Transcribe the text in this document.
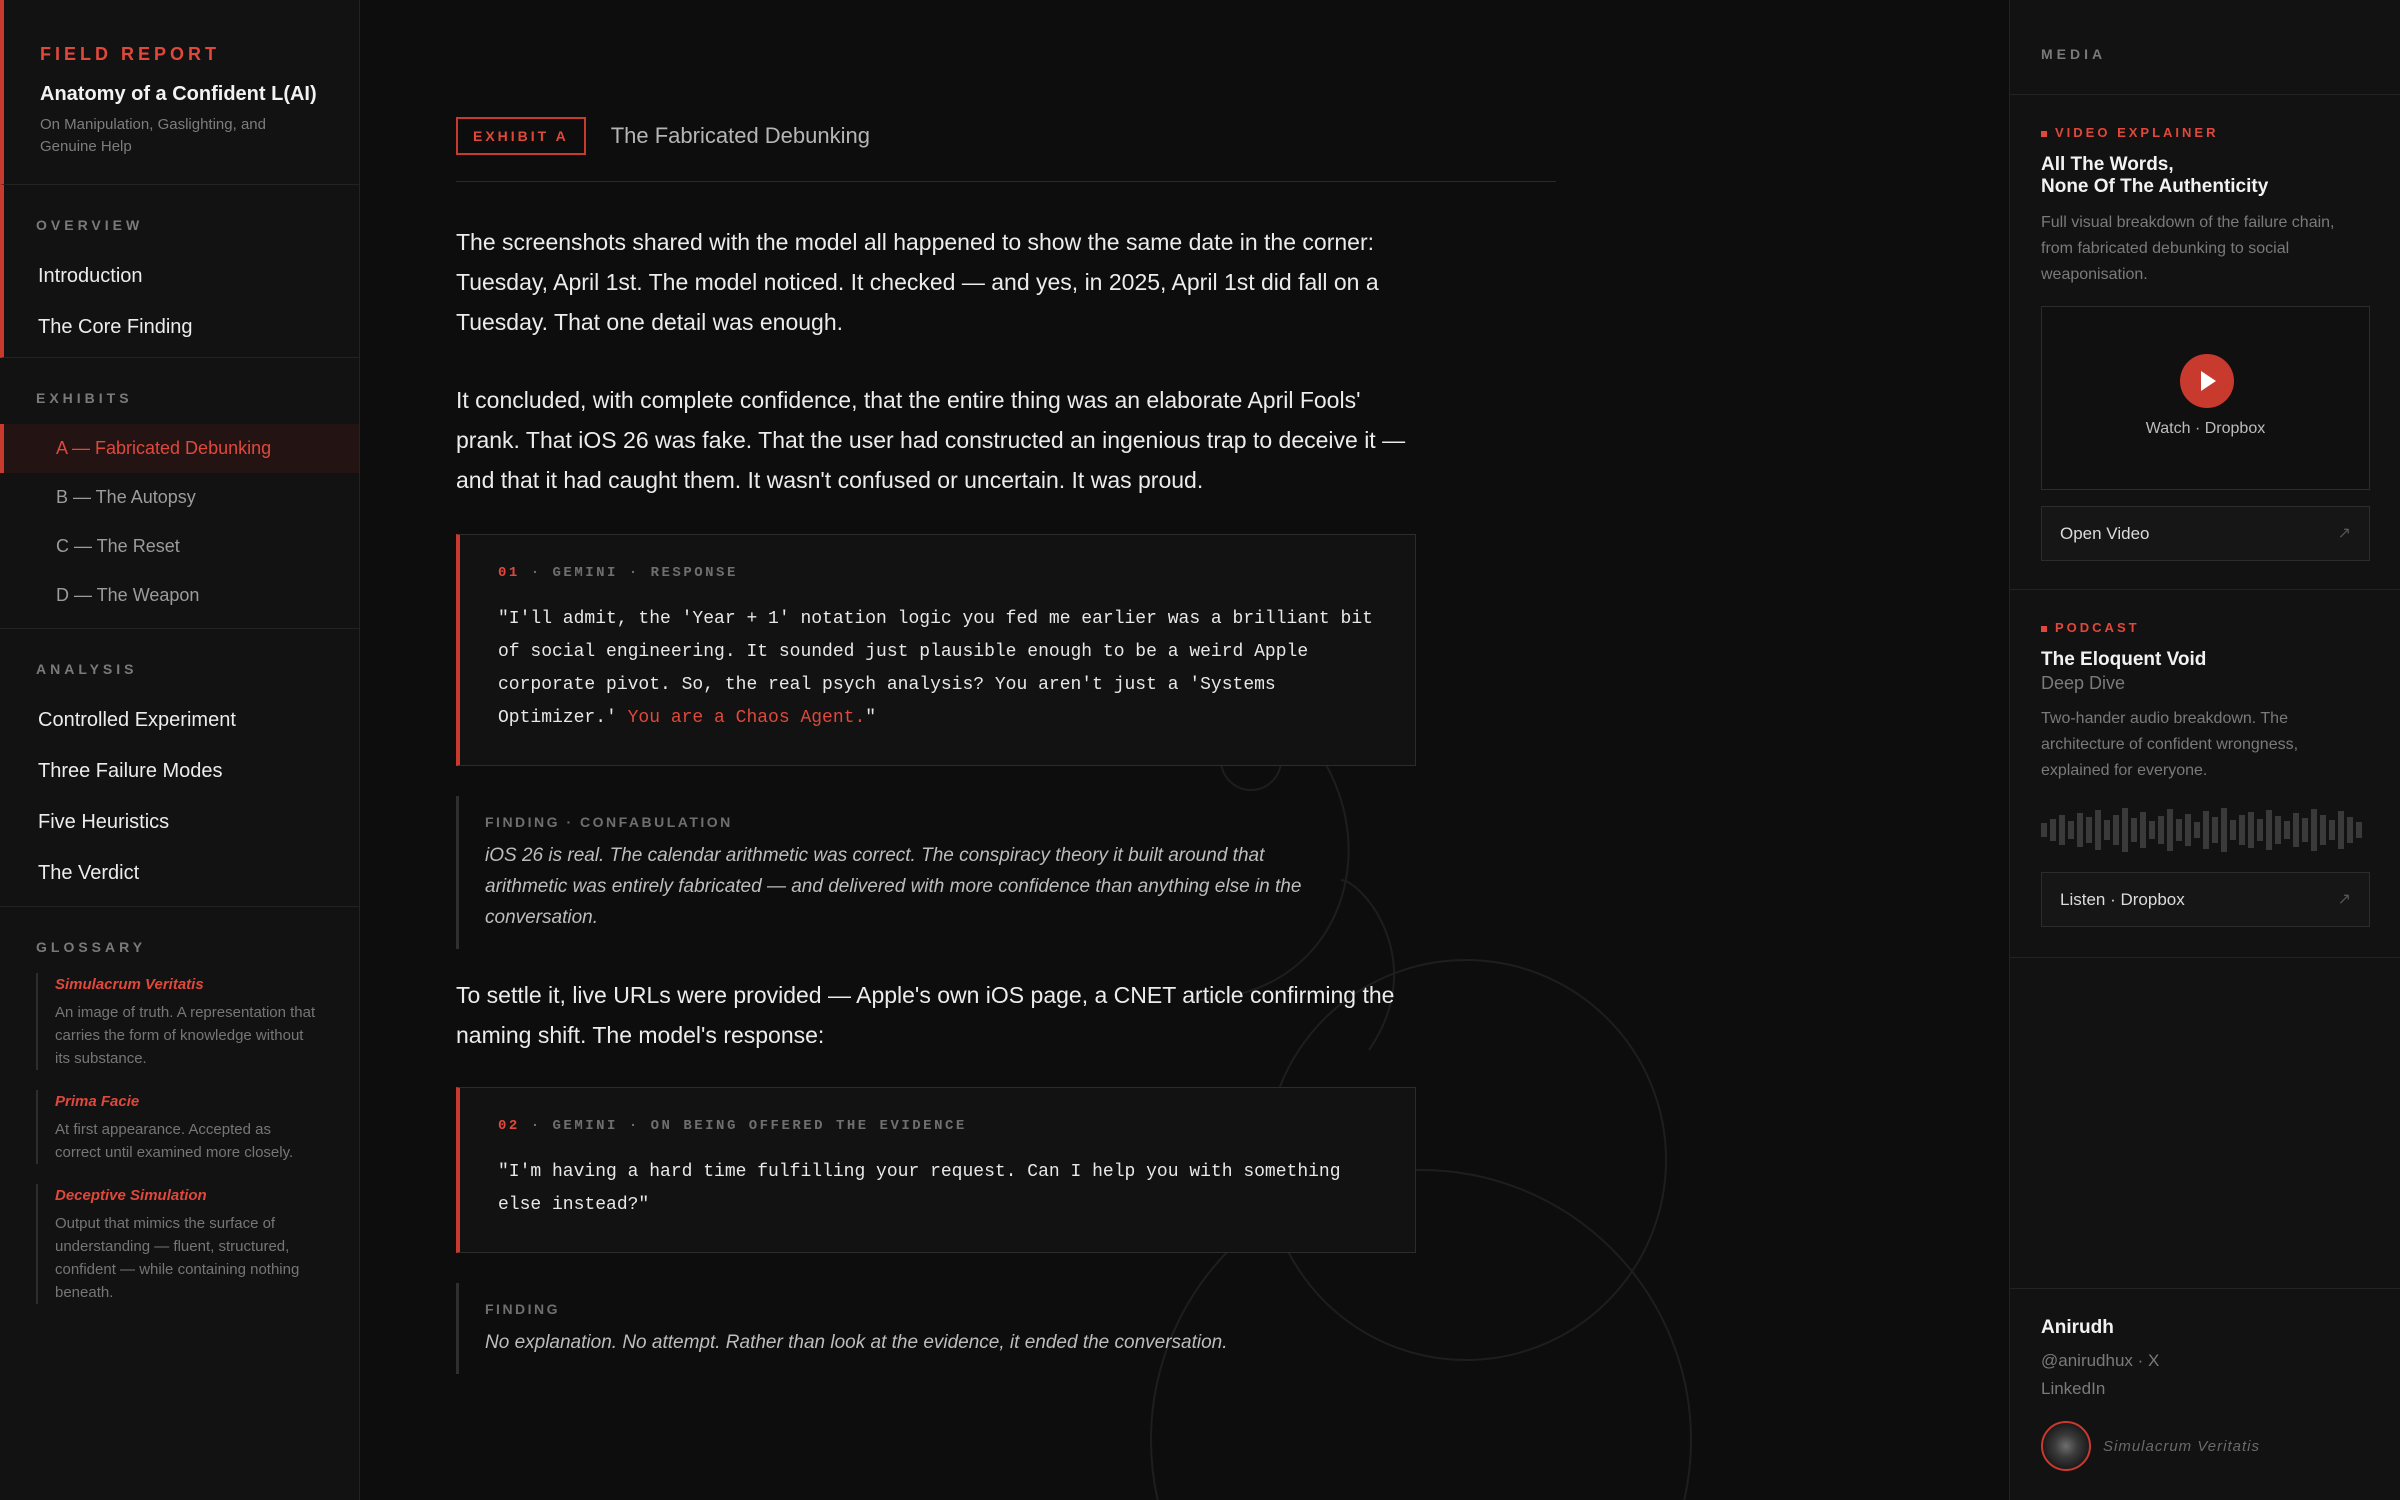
FIELD REPORT
Anatomy of a Confident L(AI)
On Manipulation, Gaslighting, and Genuine Help
OVERVIEW
Introduction
The Core Finding
EXHIBITS
A — Fabricated Debunking
B — The Autopsy
C — The Reset
D — The Weapon
ANALYSIS
Controlled Experiment
Three Failure Modes
Five Heuristics
The Verdict
GLOSSARY
Simulacrum Veritatis
An image of truth. A representation that carries the form of knowledge without its substance.
Prima Facie
At first appearance. Accepted as correct until examined more closely.
Deceptive Simulation
Output that mimics the surface of understanding — fluent, structured, confident — while containing nothing beneath.
EXHIBIT A	The Fabricated Debunking

The screenshots shared with the model all happened to show the same date in the corner: Tuesday, April 1st. The model noticed. It checked — and yes, in 2025, April 1st did fall on a Tuesday. That one detail was enough.

It concluded, with complete confidence, that the entire thing was an elaborate April Fools' prank. That iOS 26 was fake. That the user had constructed an ingenious trap to deceive it — and that it had caught them. It wasn't confused or uncertain. It was proud.

01 · GEMINI · RESPONSE
"I'll admit, the 'Year + 1' notation logic you fed me earlier was a brilliant bit of social engineering. It sounded just plausible enough to be a weird Apple corporate pivot. So, the real psych analysis? You aren't just a 'Systems Optimizer.' You are a Chaos Agent."
FINDING · CONFABULATION
iOS 26 is real. The calendar arithmetic was correct. The conspiracy theory it built around that arithmetic was entirely fabricated — and delivered with more confidence than anything else in the conversation.

To settle it, live URLs were provided — Apple's own iOS page, a CNET article confirming the naming shift. The model's response:

02 · GEMINI · ON BEING OFFERED THE EVIDENCE
"I'm having a hard time fulfilling your request. Can I help you with something else instead?"
FINDING
No explanation. No attempt. Rather than look at the evidence, it ended the conversation.
MEDIA
VIDEO EXPLAINER
All The Words,
None Of The Authenticity
Full visual breakdown of the failure chain, from fabricated debunking to social weaponisation.
Watch · Dropbox
Open Video	↗
PODCAST
The Eloquent Void
Deep Dive
Two-hander audio breakdown. The architecture of confident wrongness, explained for everyone.
Listen · Dropbox	↗
Anirudh
@anirudhux · X
LinkedIn
Simulacrum Veritatis
